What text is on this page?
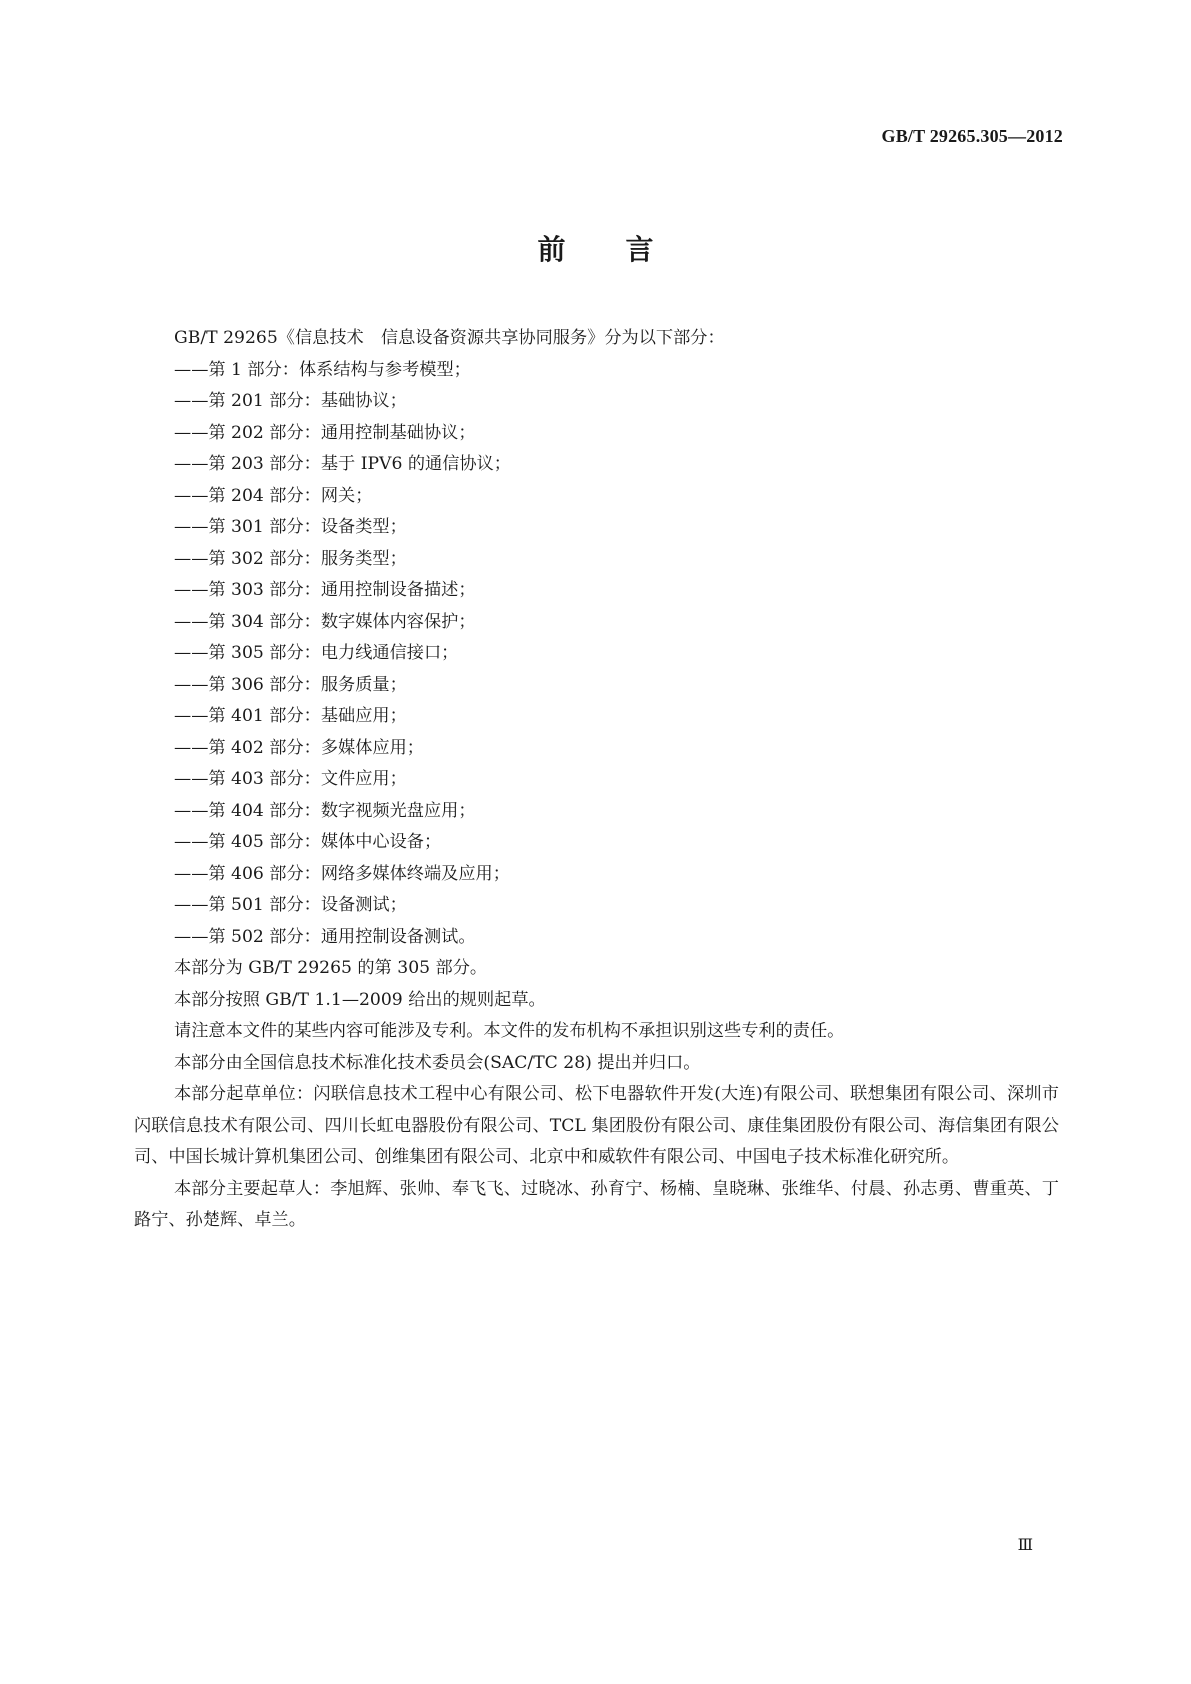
GB/T 29265.305—2012
前言

GB/T 29265《信息技术　信息设备资源共享协同服务》分为以下部分：

——第 1 部分：体系结构与参考模型；

——第 201 部分：基础协议；

——第 202 部分：通用控制基础协议；

——第 203 部分：基于 IPV6 的通信协议；

——第 204 部分：网关；

——第 301 部分：设备类型；

——第 302 部分：服务类型；

——第 303 部分：通用控制设备描述；

——第 304 部分：数字媒体内容保护；

——第 305 部分：电力线通信接口；

——第 306 部分：服务质量；

——第 401 部分：基础应用；

——第 402 部分：多媒体应用；

——第 403 部分：文件应用；

——第 404 部分：数字视频光盘应用；

——第 405 部分：媒体中心设备；

——第 406 部分：网络多媒体终端及应用；

——第 501 部分：设备测试；

——第 502 部分：通用控制设备测试。

本部分为 GB/T 29265 的第 305 部分。

本部分按照 GB/T 1.1—2009 给出的规则起草。

请注意本文件的某些内容可能涉及专利。本文件的发布机构不承担识别这些专利的责任。

本部分由全国信息技术标准化技术委员会(SAC/TC 28) 提出并归口。

本部分起草单位：闪联信息技术工程中心有限公司、松下电器软件开发(大连)有限公司、联想集团有限公司、深圳市闪联信息技术有限公司、四川长虹电器股份有限公司、TCL 集团股份有限公司、康佳集团股份有限公司、海信集团有限公司、中国长城计算机集团公司、创维集团有限公司、北京中和威软件有限公司、中国电子技术标准化研究所。

本部分主要起草人：李旭辉、张帅、奉飞飞、过晓冰、孙育宁、杨楠、皇晓琳、张维华、付晨、孙志勇、曹重英、丁路宁、孙楚辉、卓兰。

Ⅲ
